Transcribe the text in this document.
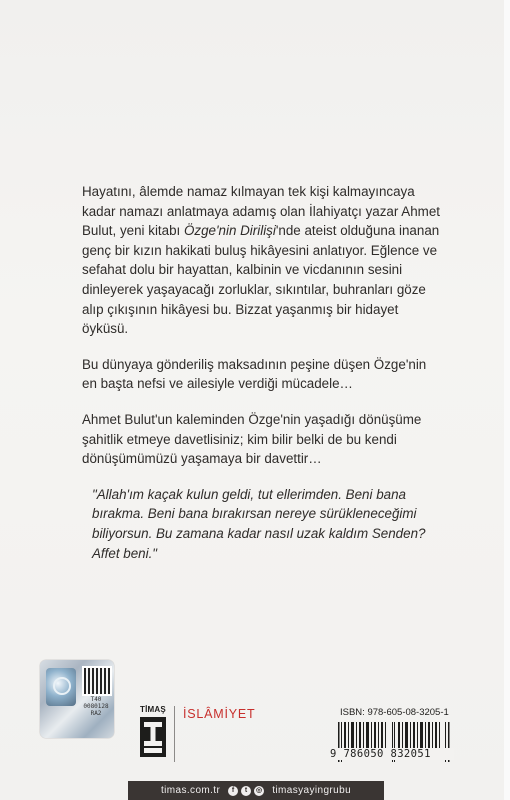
Hayatını, âlemde namaz kılmayan tek kişi kalmayıncaya kadar namazı anlatmaya adamış olan İlahiyatçı yazar Ahmet Bulut, yeni kitabı Özge'nin Dirilişi'nde ateist olduğuna inanan genç bir kızın hakikati buluş hikâyesini anlatıyor. Eğlence ve sefahat dolu bir hayattan, kalbinin ve vicdanının sesini dinleyerek yaşayacağı zorluklar, sıkıntılar, buhranları göze alıp çıkışının hikâyesi bu. Bizzat yaşanmış bir hidayet öyküsü.

Bu dünyaya gönderiliş maksadının peşine düşen Özge'nin en başta nefsi ve ailesiyle verdiği mücadele…

Ahmet Bulut'un kaleminden Özge'nin yaşadığı dönüşüme şahitlik etmeye davetlisiniz; kim bilir belki de bu kendi dönüşümümüzü yaşamaya bir davettir…

"Allah'ım kaçak kulun geldi, tut ellerimden. Beni bana bırakma. Beni bana bırakırsan nereye sürükleneceğimi biliyorsun. Bu zamana kadar nasıl uzak kaldım Senden? Affet beni."

T40
0080128
RA2	TİMAŞ İSLÂMİYET	ISBN: 978-605-08-3205-1
9 786050 832051
timas.com.tr	f	t	◎ timasyayingrubu
